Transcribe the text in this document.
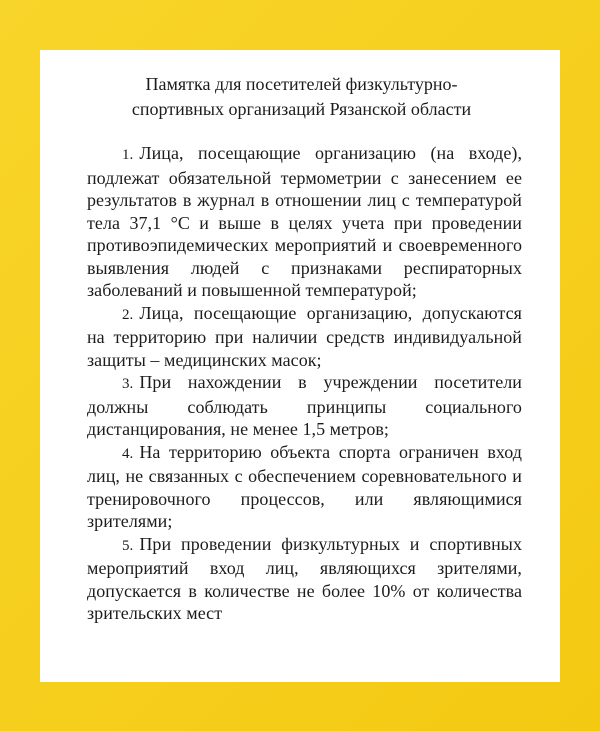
Памятка для посетителей физкультурно-
спортивных организаций Рязанской области

1. Лица, посещающие организацию (на входе), подлежат обязательной термометрии с занесением ее результатов в журнал в отношении лиц с температурой тела 37,1 °С и выше в целях учета при проведении противоэпидемических мероприятий и своевременного выявления людей с признаками респираторных заболеваний и повышенной температурой;

2. Лица, посещающие организацию, допускаются на территорию при наличии средств индивидуальной защиты – медицинских масок;

3. При нахождении в учреждении посетители должны соблюдать принципы социального дистанцирования, не менее 1,5 метров;

4. На территорию объекта спорта ограничен вход лиц, не связанных с обеспечением соревновательного и тренировочного процессов, или являющимися зрителями;

5. При проведении физкультурных и спортивных мероприятий вход лиц, являющихся зрителями, допускается в количестве не более 10% от количества зрительских мест
